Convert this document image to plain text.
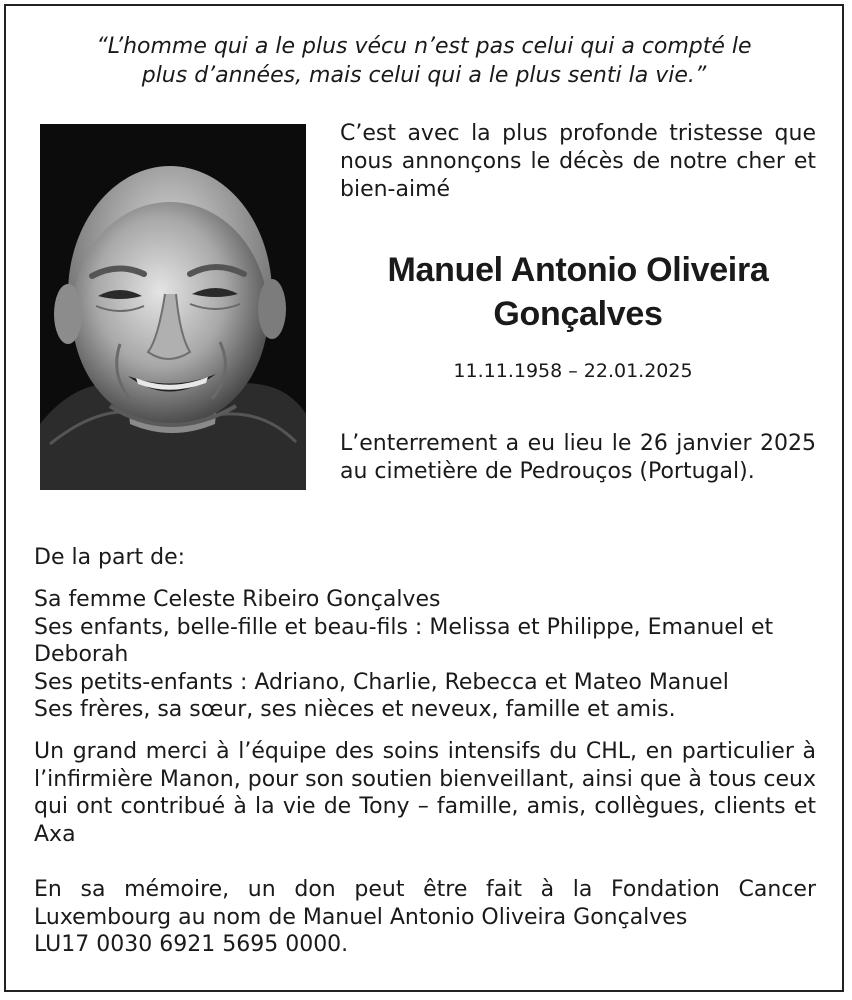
“L’homme qui a le plus vécu n’est pas celui qui a compté le
plus d’années, mais celui qui a le plus senti la vie.”

C’est avec la plus profonde tristesse que nous annonçons le décès de notre cher et bien-aimé

Manuel Antonio Oliveira
Gonçalves

11.11.1958 – 22.01.2025

L’enterrement a eu lieu le 26 janvier 2025 au cimetière de Pedrouços (Portugal).

De la part de:

Sa femme Celeste Ribeiro Gonçalves
Ses enfants, belle-fille et beau-fils : Melissa et Philippe, Emanuel et Deborah
Ses petits-enfants : Adriano, Charlie, Rebecca et Mateo Manuel
Ses frères, sa sœur, ses nièces et neveux, famille et amis.

Un grand merci à l’équipe des soins intensifs du CHL, en particulier à l’infirmière Manon, pour son soutien bienveillant, ainsi que à tous ceux qui ont contribué à la vie de Tony – famille, amis, collègues, clients et Axa

En sa mémoire, un don peut être fait à la Fondation Cancer Luxembourg au nom de Manuel Antonio Oliveira Gonçalves
LU17 0030 6921 5695 0000.
